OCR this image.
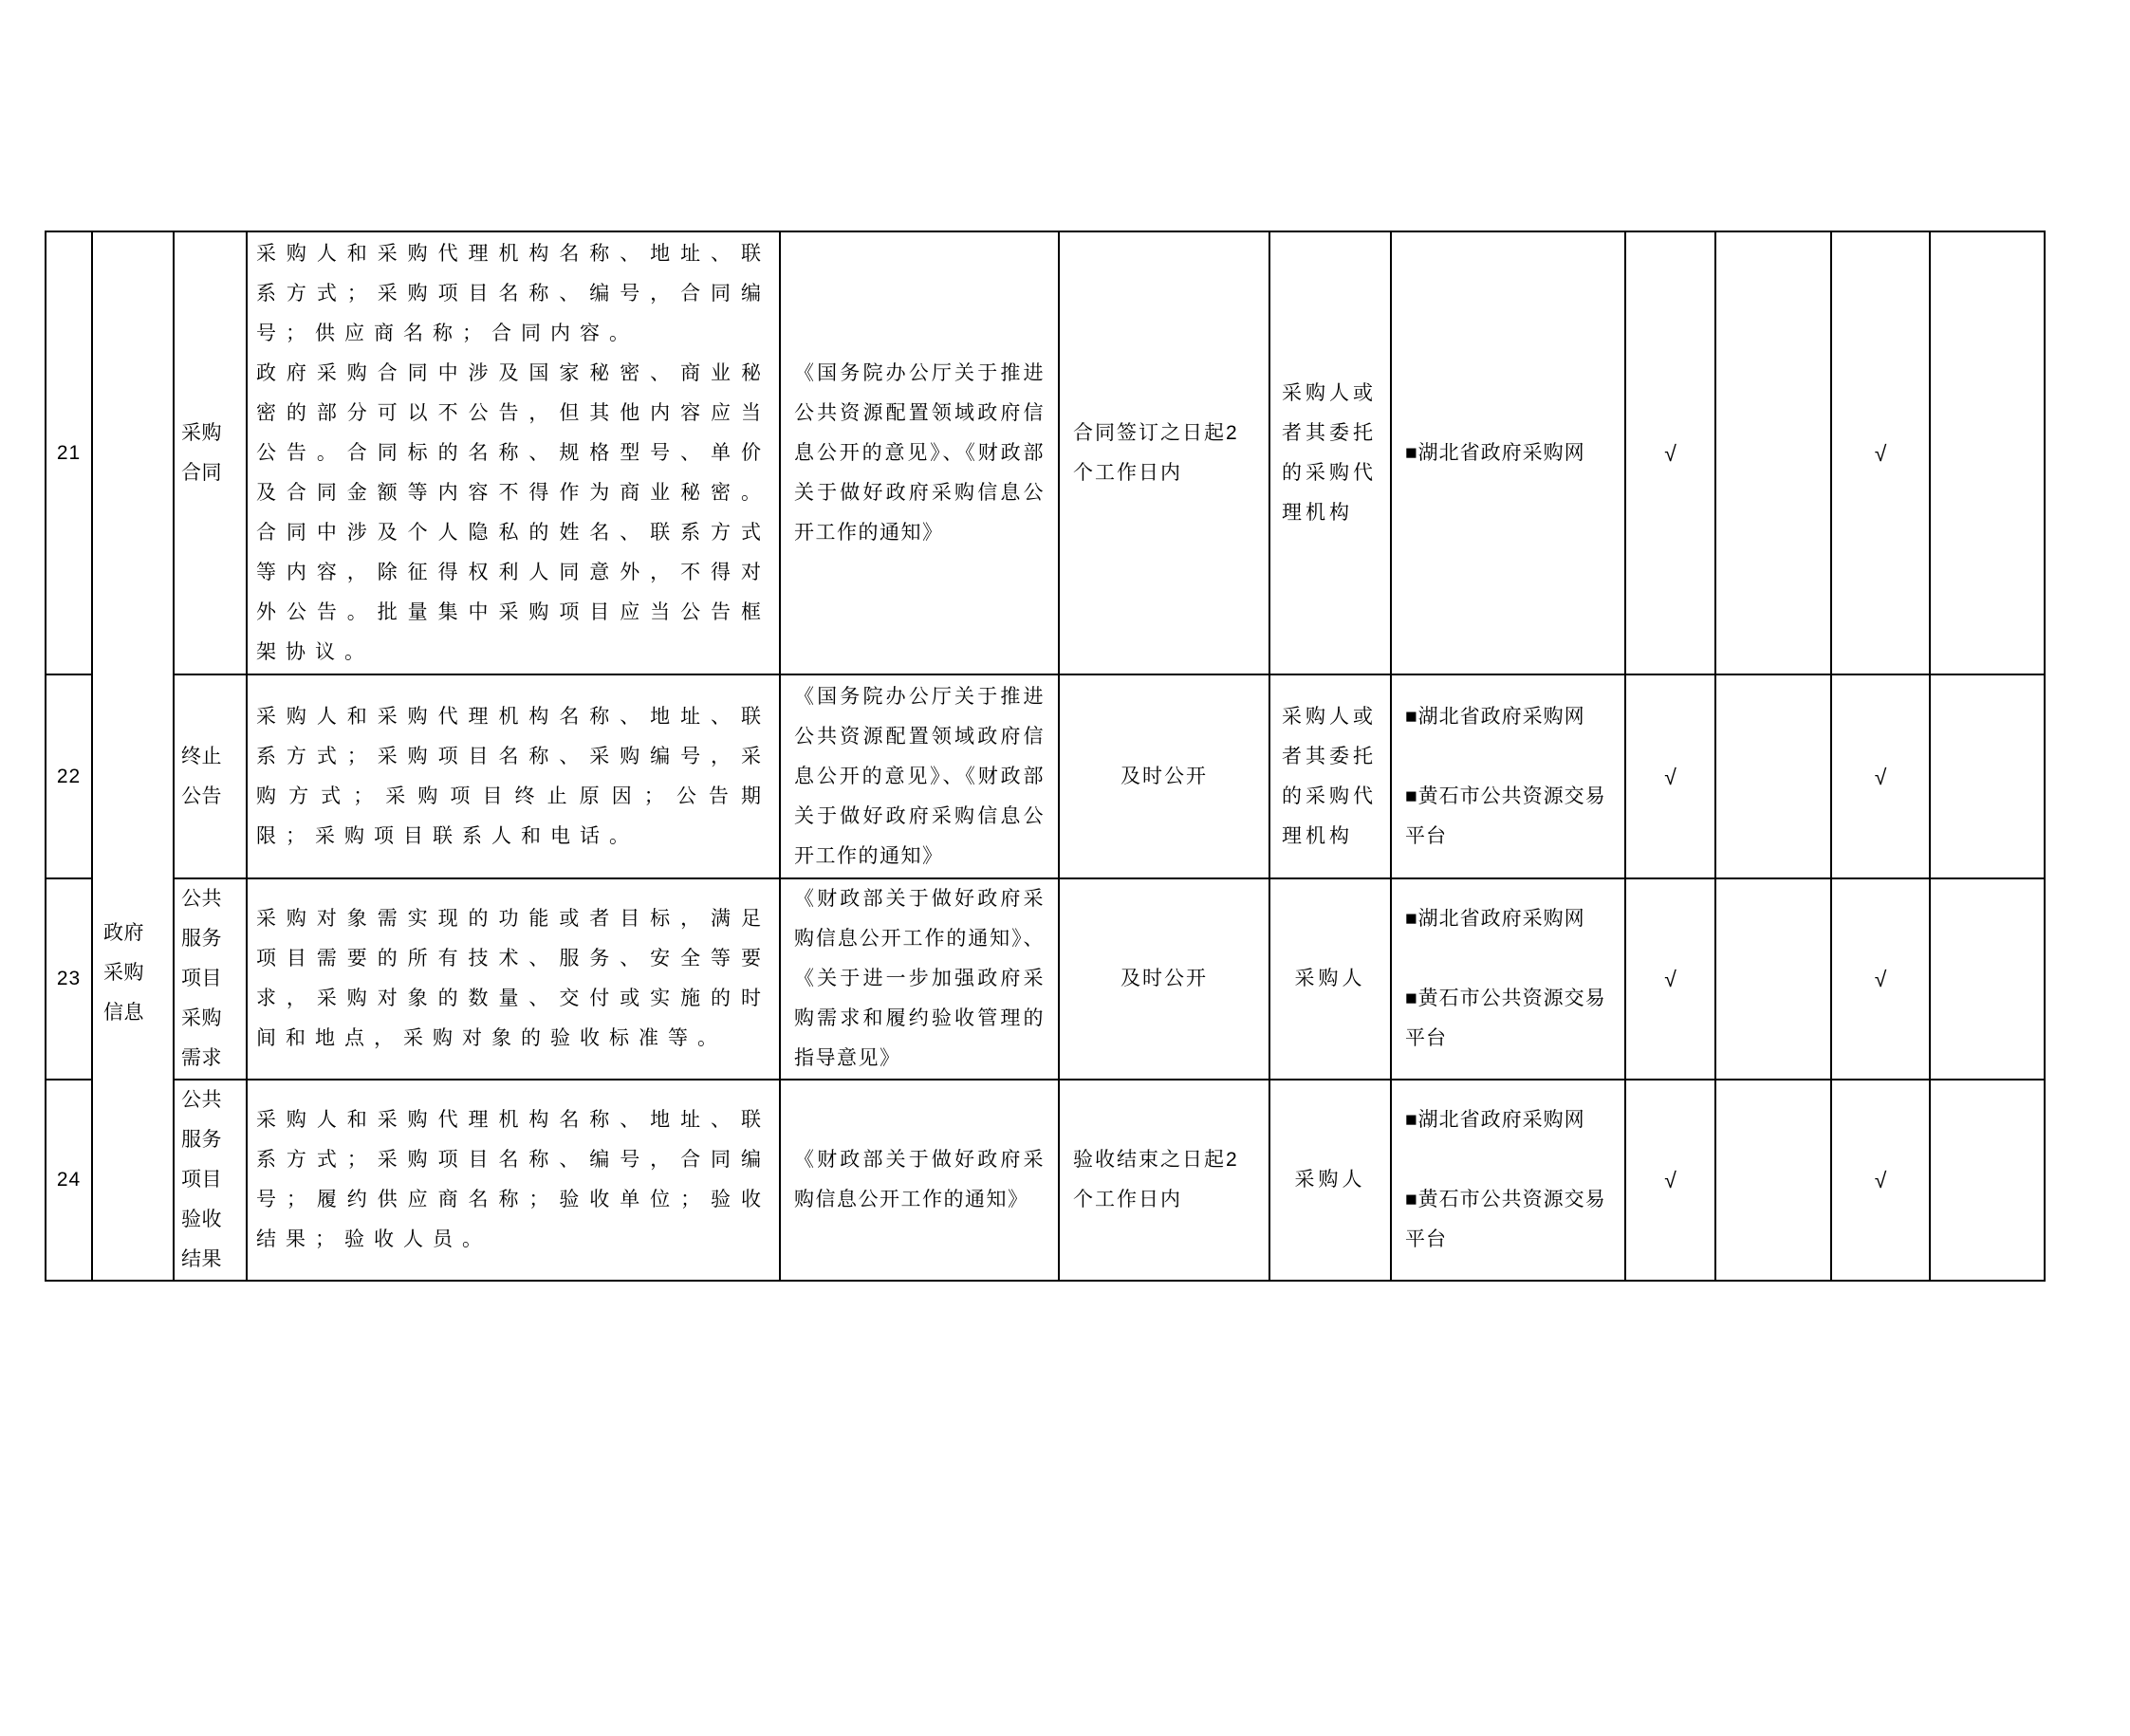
21	政府采购信息	采购合同	采购人和采购代理机构名称、地址、联系方式；采购项目名称、编号，合同编号；供应商名称；合同内容。

政府采购合同中涉及国家秘密、商业秘密的部分可以不公告，但其他内容应当公告。合同标的名称、规格型号、单价及合同金额等内容不得作为商业秘密。合同中涉及个人隐私的姓名、联系方式等内容，除征得权利人同意外，不得对外公告。批量集中采购项目应当公告框架协议。	《国务院办公厅关于推进公共资源配置领域政府信息公开的意见》、《财政部关于做好政府采购信息公开工作的通知》	合同签订之日起2个工作日内	采购人或者其委托的采购代理机构	■湖北省政府采购网	√		√	
22		终止公告	采购人和采购代理机构名称、地址、联系方式；采购项目名称、采购编号，采购方式；采购项目终止原因；公告期限；采购项目联系人和电话。	《国务院办公厅关于推进公共资源配置领域政府信息公开的意见》、《财政部关于做好政府采购信息公开工作的通知》	及时公开	采购人或者其委托的采购代理机构	■湖北省政府采购网
■黄石市公共资源交易平台	√		√	
23		公共服务项目采购需求	采购对象需实现的功能或者目标，满足项目需要的所有技术、服务、安全等要求，采购对象的数量、交付或实施的时间和地点，采购对象的验收标准等。	《财政部关于做好政府采购信息公开工作的通知》、《关于进一步加强政府采购需求和履约验收管理的指导意见》	及时公开	采购人	■湖北省政府采购网
■黄石市公共资源交易平台	√		√	
24		公共服务项目验收结果	采购人和采购代理机构名称、地址、联系方式；采购项目名称、编号，合同编号；履约供应商名称；验收单位；验收结果；验收人员。	《财政部关于做好政府采购信息公开工作的通知》	验收结束之日起2个工作日内	采购人	■湖北省政府采购网
■黄石市公共资源交易平台	√		√	
